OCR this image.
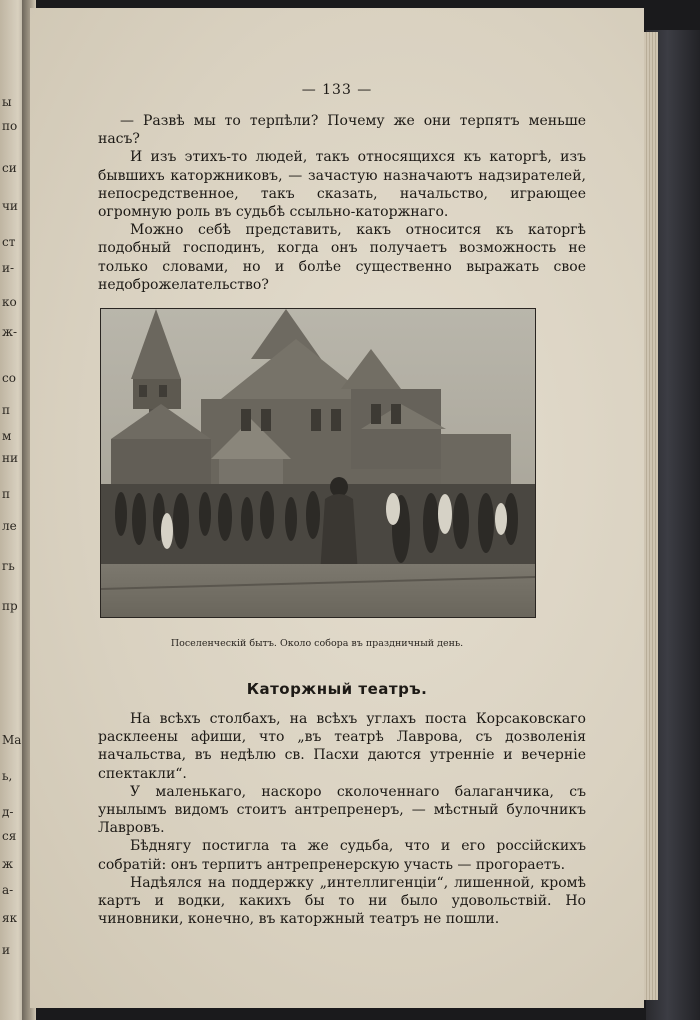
ы
по
си
чи
ст
и-
ко
ж-
со
п
м
ни
п
ле
гь
пр
Ма
ь,
д-
ся
ж
а-
як
и
— 133 —

— Развѣ мы то терпѣли? Почему же они терпятъ меньше насъ?

И изъ этихъ-то людей, такъ относящихся къ каторгѣ, изъ бывшихъ каторжниковъ, — зачастую назначаютъ надзирателей, непосредственное, такъ сказать, начальство, играющее огромную роль въ судьбѣ ссыльно-каторжнаго.

Можно себѣ представить, какъ относится къ каторгѣ подобный господинъ, когда онъ получаетъ возможность не только словами, но и болѣе существенно выражать свое недоброжелательство?

Поселенческій бытъ. Около собора въ праздничный день.
Каторжный театръ.

На всѣхъ столбахъ, на всѣхъ углахъ поста Корсаковскаго расклеены афиши, что „въ театрѣ Лаврова, съ дозволенія начальства, въ недѣлю св. Пасхи даются утреннiе и вечернiе спектакли“.

У маленькаго, наскоро сколоченнаго балаганчика, съ унылымъ видомъ стоитъ антрепренеръ, — мѣстный булочникъ Лавровъ.

Бѣднягу постигла та же судьба, что и его россійскихъ собратій: онъ терпитъ антрепренерскую участь — прогораетъ.

Надѣялся на поддержку „интеллигенціи“, лишенной, кромѣ картъ и водки, какихъ бы то ни было удовольствій. Но чиновники, конечно, въ каторжный театръ не пошли.
